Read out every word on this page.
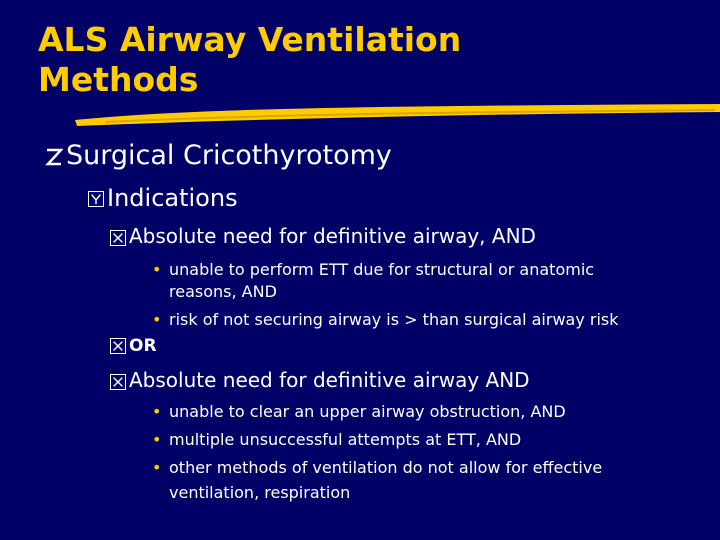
ALS Airway Ventilation
Methods
Surgical Cricothyrotomy
Indications
Absolute need for definitive airway, AND
• unable to perform ETT due for structural or anatomic
reasons, AND
• risk of not securing airway is > than surgical airway risk
OR
Absolute need for definitive airway AND
• unable to clear an upper airway obstruction, AND
• multiple unsuccessful attempts at ETT, AND
• other methods of ventilation do not allow for effective
ventilation, respiration
